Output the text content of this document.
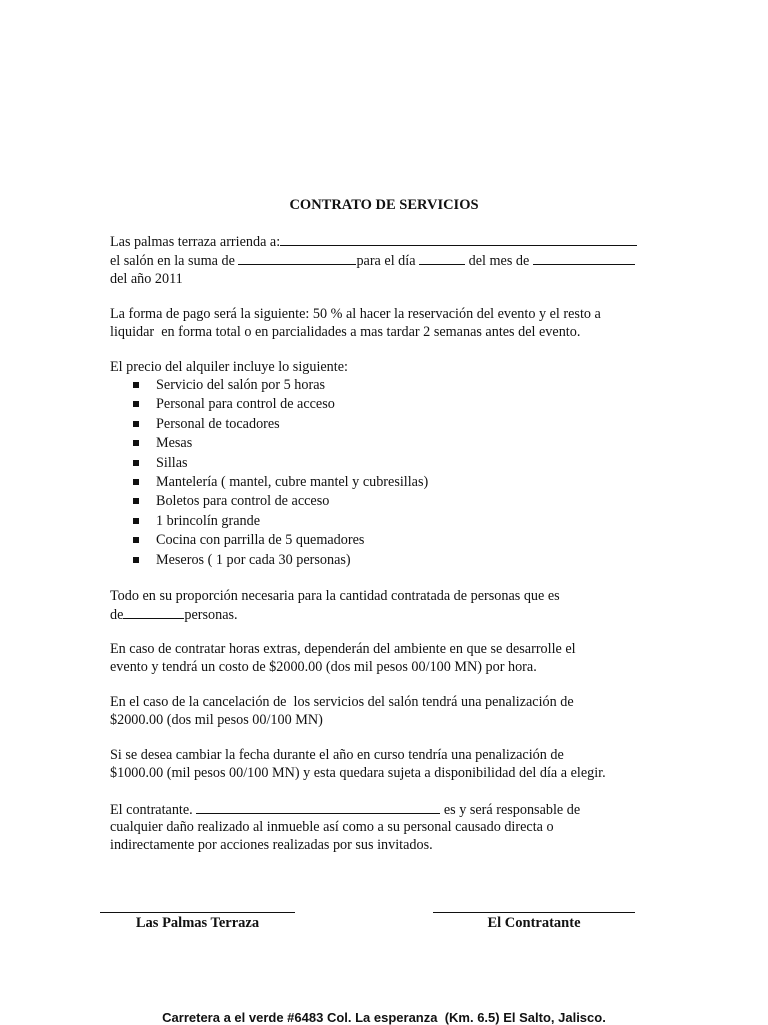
CONTRATO DE SERVICIOS

Las palmas terraza arrienda a:

el salón en la suma de	para el día	del mes de

del año 2011

La forma de pago será la siguiente: 50 % al hacer la reservación del evento y el resto a

liquidar  en forma total o en parcialidades a mas tardar 2 semanas antes del evento.

El precio del alquiler incluye lo siguiente:

Servicio del salón por 5 horas
Personal para control de acceso
Personal de tocadores
Mesas
Sillas
Mantelería ( mantel, cubre mantel y cubresillas)
Boletos para control de acceso
1 brincolín grande
Cocina con parrilla de 5 quemadores
Meseros ( 1 por cada 30 personas)

Todo en su proporción necesaria para la cantidad contratada de personas que es

de	personas.

En caso de contratar horas extras, dependerán del ambiente en que se desarrolle el

evento y tendrá un costo de $2000.00 (dos mil pesos 00/100 MN) por hora.

En el caso de la cancelación de  los servicios del salón tendrá una penalización de

$2000.00 (dos mil pesos 00/100 MN)

Si se desea cambiar la fecha durante el año en curso tendría una penalización de

$1000.00 (mil pesos 00/100 MN) y esta quedara sujeta a disponibilidad del día a elegir.

El contratante.	es y será responsable de

cualquier daño realizado al inmueble así como a su personal causado directa o

indirectamente por acciones realizadas por sus invitados.

Las Palmas Terraza	El Contratante

Carretera a el verde #6483 Col. La esperanza  (Km. 6.5) El Salto, Jalisco.
